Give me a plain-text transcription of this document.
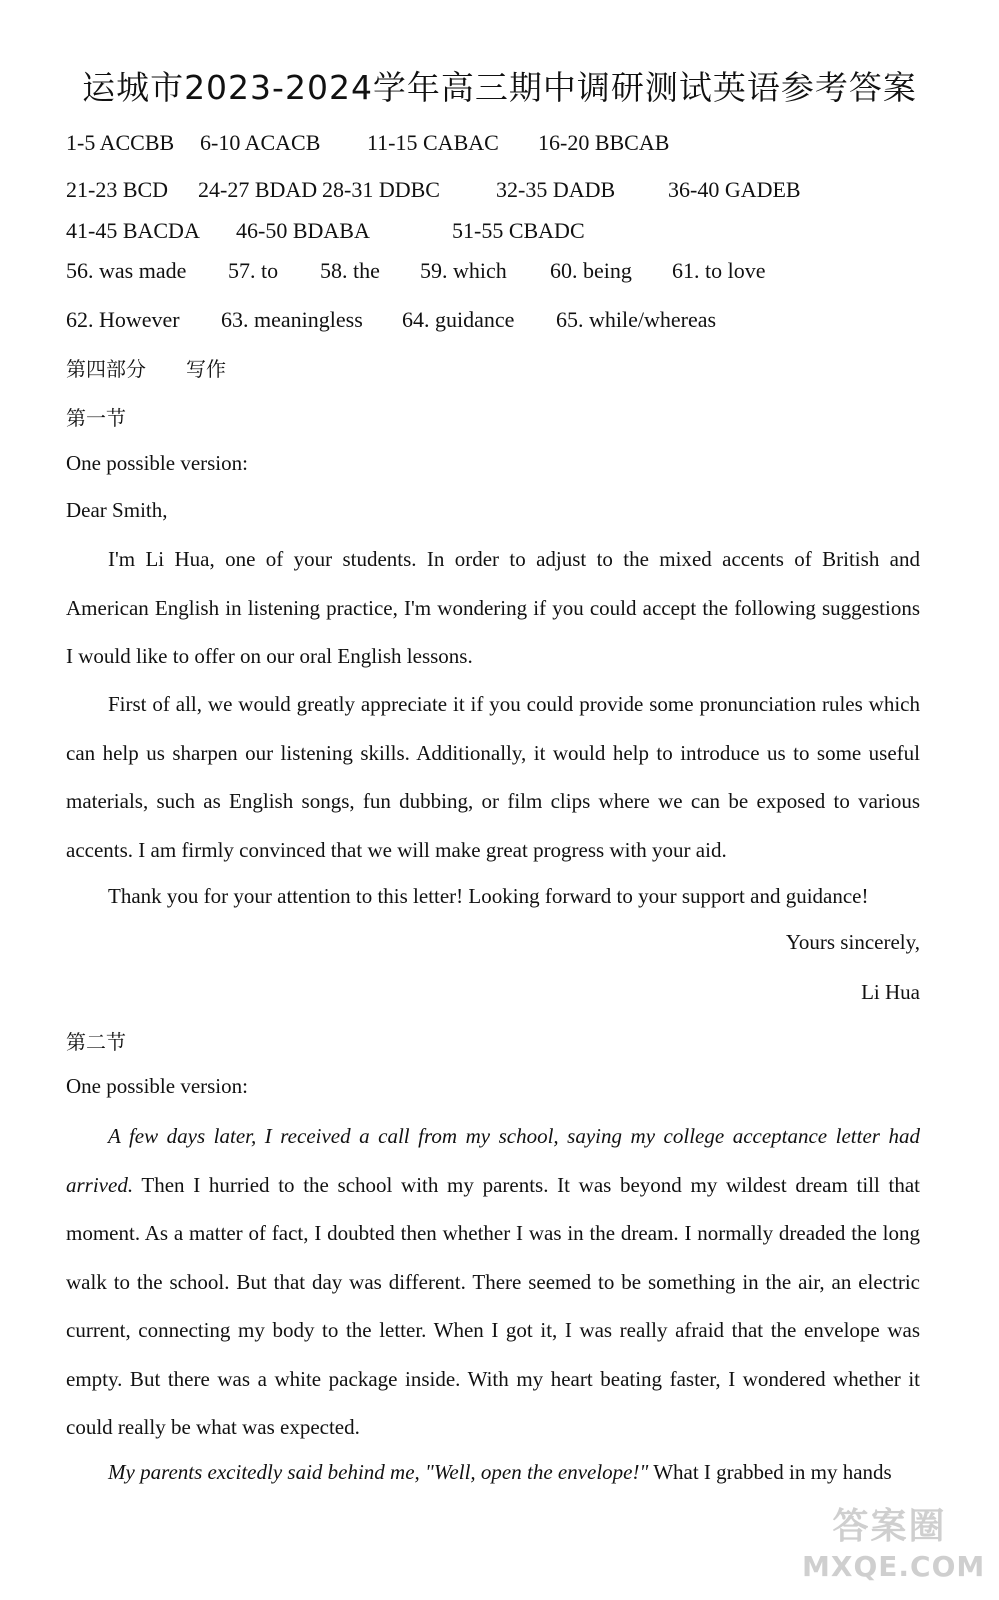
运城市2023-2024学年高三期中调研测试英语参考答案
1-5 ACCBB 6-10 ACACB 11-15 CABAC 16-20 BBCAB
21-23 BCD 24-27 BDAD 28-31 DDBC	32-35 DADB 36-40 GADEB
41-45 BACDA 46-50 BDABA	51-55 CBADC
56. was made 57. to 58. the 59. which 60. being 61. to love
62. However 63. meaningless 64. guidance 65. while/whereas
第四部分　　写作
第一节
One possible version:
Dear Smith,
I'm Li Hua, one of your students. In order to adjust to the mixed accents of British and American English in listening practice, I'm wondering if you could accept the following suggestions I would like to offer on our oral English lessons.
First of all, we would greatly appreciate it if you could provide some pronunciation rules which can help us sharpen our listening skills. Additionally, it would help to introduce us to some useful materials, such as English songs, fun dubbing, or film clips where we can be exposed to various accents. I am firmly convinced that we will make great progress with your aid.
Thank you for your attention to this letter! Looking forward to your support and guidance!
Yours sincerely,
Li Hua
第二节
One possible version:
A few days later, I received a call from my school, saying my college acceptance letter had arrived. Then I hurried to the school with my parents. It was beyond my wildest dream till that moment. As a matter of fact, I doubted then whether I was in the dream. I normally dreaded the long walk to the school. But that day was different. There seemed to be something in the air, an electric current, connecting my body to the letter. When I got it, I was really afraid that the envelope was empty. But there was a white package inside. With my heart beating faster, I wondered whether it could really be what was expected.
My parents excitedly said behind me, "Well, open the envelope!" What I grabbed in my hands
答案圈
MXQE.COM
